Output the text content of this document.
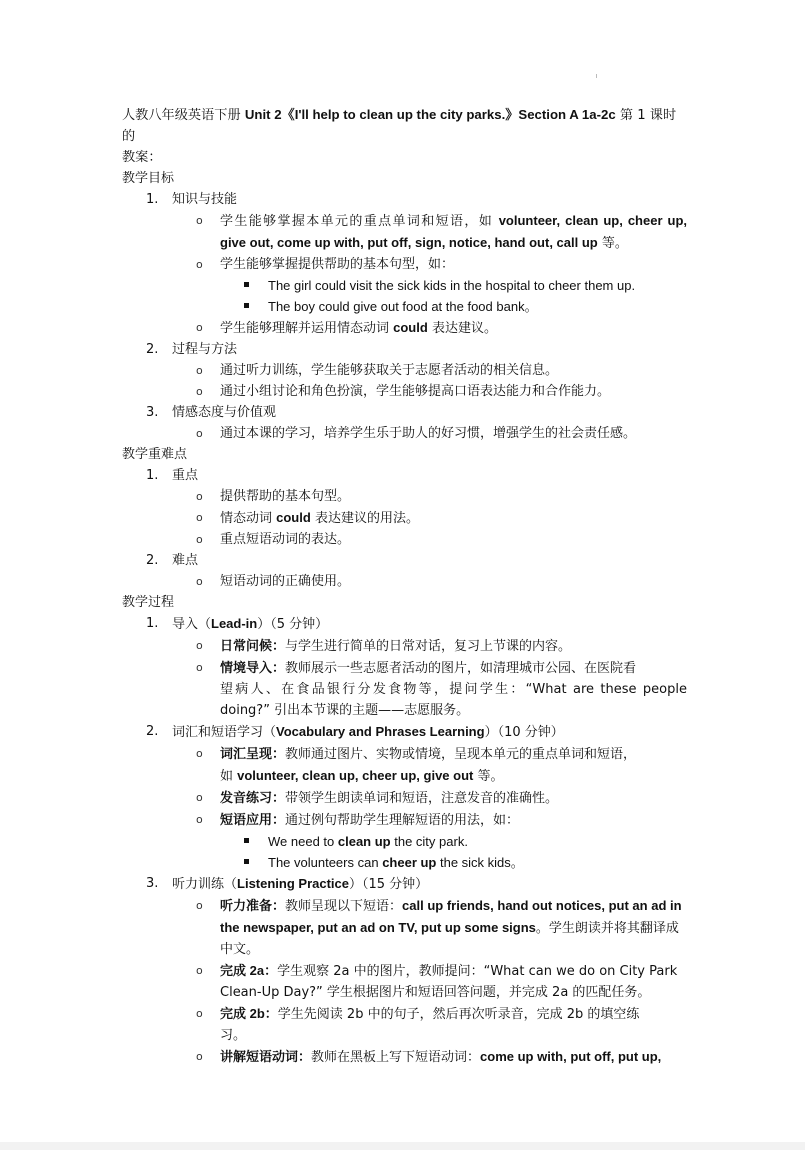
人教八年级英语下册 Unit 2《I'll help to clean up the city parks.》Section A 1a-2c 第 1 课时的
教案：
教学目标
1. 知识与技能
o 学生能够掌握本单元的重点单词和短语，如 volunteer, clean up, cheer up,
give out, come up with, put off, sign, notice, hand out, call up 等。
o 学生能够掌握提供帮助的基本句型，如：
The girl could visit the sick kids in the hospital to cheer them up.
The boy could give out food at the food bank。
o 学生能够理解并运用情态动词 could 表达建议。
2. 过程与方法
o 通过听力训练，学生能够获取关于志愿者活动的相关信息。
o 通过小组讨论和角色扮演，学生能够提高口语表达能力和合作能力。
3. 情感态度与价值观
o 通过本课的学习，培养学生乐于助人的好习惯，增强学生的社会责任感。
教学重难点
1. 重点
o 提供帮助的基本句型。
o 情态动词 could 表达建议的用法。
o 重点短语动词的表达。
2. 难点
o 短语动词的正确使用。
教学过程
1. 导入（Lead-in）（5 分钟）
o 日常问候：与学生进行简单的日常对话，复习上节课的内容。
o 情境导入：教师展示一些志愿者活动的图片，如清理城市公园、在医院看
望病人、在食品银行分发食物等，提问学生：“What are these people
doing?” 引出本节课的主题——志愿服务。
2. 词汇和短语学习（Vocabulary and Phrases Learning）（10 分钟）
o 词汇呈现：教师通过图片、实物或情境，呈现本单元的重点单词和短语，
如 volunteer, clean up, cheer up, give out 等。
o 发音练习：带领学生朗读单词和短语，注意发音的准确性。
o 短语应用：通过例句帮助学生理解短语的用法，如：
We need to clean up the city park.
The volunteers can cheer up the sick kids。
3. 听力训练（Listening Practice）（15 分钟）
o 听力准备：教师呈现以下短语：call up friends, hand out notices, put an ad in
the newspaper, put an ad on TV, put up some signs。学生朗读并将其翻译成
中文。
o 完成 2a：学生观察 2a 中的图片，教师提问：“What can we do on City Park
Clean-Up Day?” 学生根据图片和短语回答问题，并完成 2a 的匹配任务。
o 完成 2b：学生先阅读 2b 中的句子，然后再次听录音，完成 2b 的填空练
习。
o 讲解短语动词：教师在黑板上写下短语动词：come up with, put off, put up,
